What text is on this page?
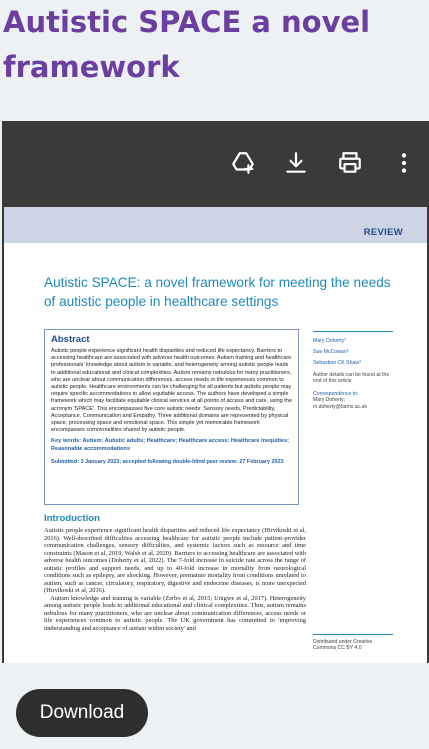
Autistic SPACE a novel framework
REVIEW
Autistic SPACE: a novel framework for meeting the needs of autistic people in healthcare settings

Abstract

Autistic people experience significant health disparities and reduced life expectancy. Barriers to accessing healthcare are associated with adverse health outcomes. Autism training and healthcare professionals' knowledge about autism is variable, and heterogeneity among autistic people leads to additional educational and clinical complexities. Autism remains nebulous for many practitioners, who are unclear about communication differences, access needs or life experiences common to autistic people. Healthcare environments can be challenging for all patients but autistic people may require specific accommodations to allow equitable access. The authors have developed a simple framework which may facilitate equitable clinical services at all points of access and care, using the acronym 'SPACE'. This encompasses five core autistic needs: Sensory needs, Predictability, Acceptance, Communication and Empathy. Three additional domains are represented by physical space, processing space and emotional space. This simple yet memorable framework encompasses commonalities shared by autistic people.

Key words: Autism; Autistic adults; Healthcare; Healthcare access; Healthcare inequities; Reasonable accommodations

Submitted: 3 January 2023; accepted following double-blind peer review: 27 February 2023

Mary Doherty¹
Sue McCowan²
Sebastian CK Shaw³
Author details can be found at the end of this article
Correspondence to:
Mary Doherty; m.doherty@bams.ac.uk
Introduction
Autistic people experience significant health disparities and reduced life expectancy (Hirvikoski et al, 2016). Well-described difficulties accessing healthcare for autistic people include patient-provider communication challenges, sensory difficulties, and systemic factors such as resource and time constraints (Mason et al, 2019, Walsh et al, 2020). Barriers to accessing healthcare are associated with adverse health outcomes (Doherty et al, 2022). The 7-fold increase in suicide rate across the range of autistic profiles and support needs, and up to 40-fold increase in mortality from neurological conditions such as epilepsy, are shocking. However, premature mortality from conditions unrelated to autism, such as cancer, circulatory, respiratory, digestive and endocrine diseases, is more unexpected (Hirvikoski et al, 2016).
Autism knowledge and training is variable (Zerbo et al, 2015; Unigwe et al, 2017). Heterogeneity among autistic people leads to additional educational and clinical complexities. Thus, autism remains nebulous for many practitioners, who are unclear about communication differences, access needs or life experiences common to autistic people. The UK government has committed to 'improving understanding and acceptance of autism within society' and
Distributed under Creative Commons CC BY 4.0
Download
